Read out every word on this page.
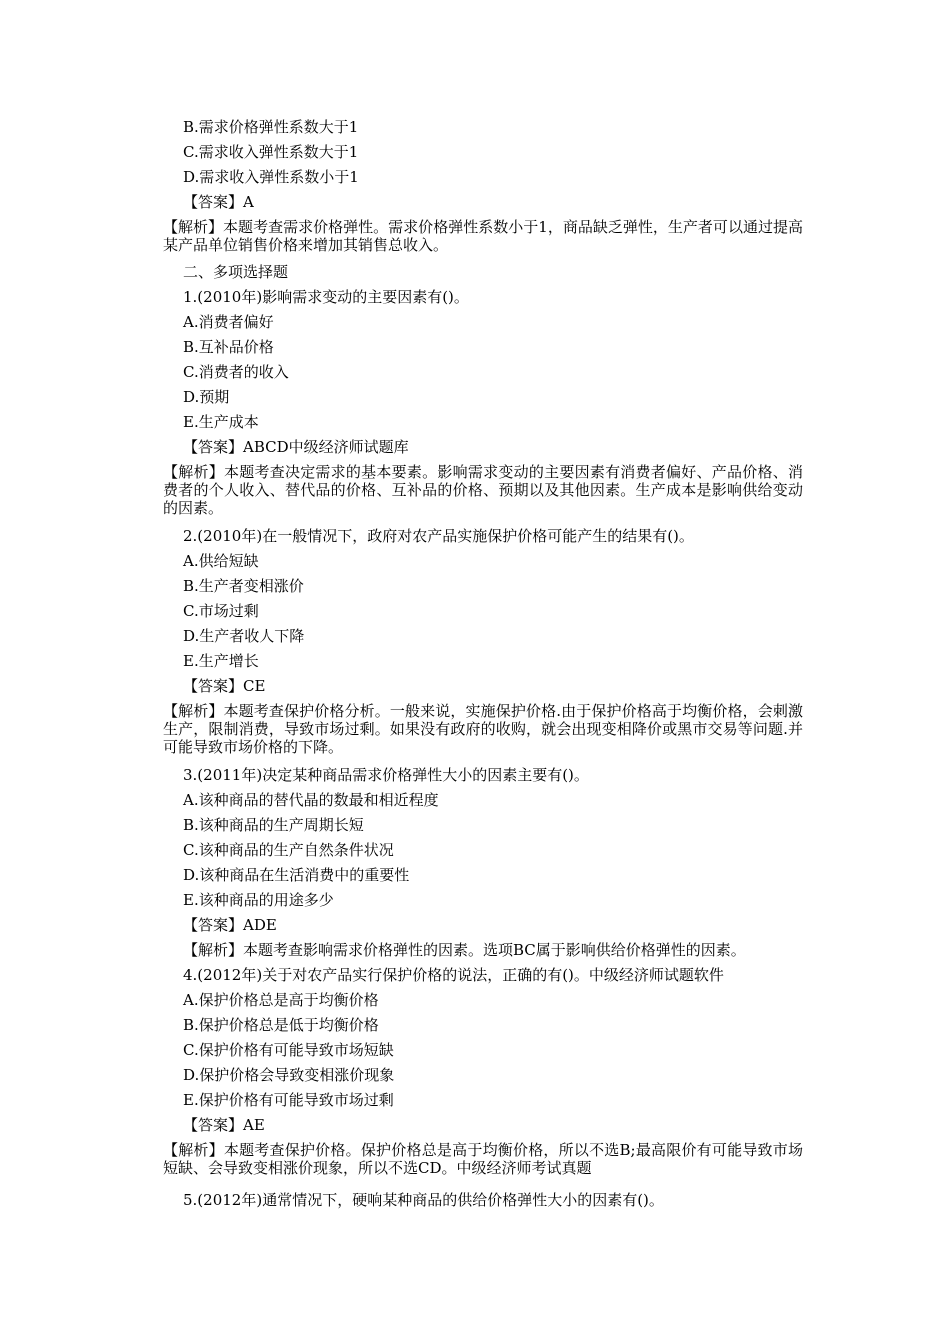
B.需求价格弹性系数大于1
C.需求收入弹性系数大于1
D.需求收入弹性系数小于1
【答案】A
【解析】本题考查需求价格弹性。需求价格弹性系数小于1，商品缺乏弹性，生产者可以通过提高某产品单位销售价格来增加其销售总收入。
二、多项选择题
1.(2010年)影响需求变动的主要因素有()。
A.消费者偏好
B.互补品价格
C.消费者的收入
D.预期
E.生产成本
【答案】ABCD中级经济师试题库
【解析】本题考查决定需求的基本要素。影响需求变动的主要因素有消费者偏好、产品价格、消费者的个人收入、替代品的价格、互补品的价格、预期以及其他因素。生产成本是影响供给变动的因素。
2.(2010年)在一般情况下，政府对农产品实施保护价格可能产生的结果有()。
A.供给短缺
B.生产者变相涨价
C.市场过剩
D.生产者收人下降
E.生产增长
【答案】CE
【解析】本题考查保护价格分析。一般来说，实施保护价格.由于保护价格高于均衡价格，会刺激生产，限制消费，导致市场过剩。如果没有政府的收购，就会出现变相降价或黑市交易等问题.并可能导致市场价格的下降。
3.(2011年)决定某种商品需求价格弹性大小的因素主要有()。
A.该种商品的替代晶的数最和相近程度
B.该种商品的生产周期长短
C.该种商品的生产自然条件状况
D.该种商品在生活消费中的重要性
E.该种商品的用途多少
【答案】ADE
【解析】本题考查影响需求价格弹性的因素。选项BC属于影响供给价格弹性的因素。
4.(2012年)关于对农产品实行保护价格的说法，正确的有()。中级经济师试题软件
A.保护价格总是高于均衡价格
B.保护价格总是低于均衡价格
C.保护价格有可能导致市场短缺
D.保护价格会导致变相涨价现象
E.保护价格有可能导致市场过剩
【答案】AE
【解析】本题考查保护价格。保护价格总是高于均衡价格，所以不选B;最高限价有可能导致市场短缺、会导致变相涨价现象，所以不选CD。中级经济师考试真题
5.(2012年)通常情况下，硬响某种商品的供给价格弹性大小的因素有()。
